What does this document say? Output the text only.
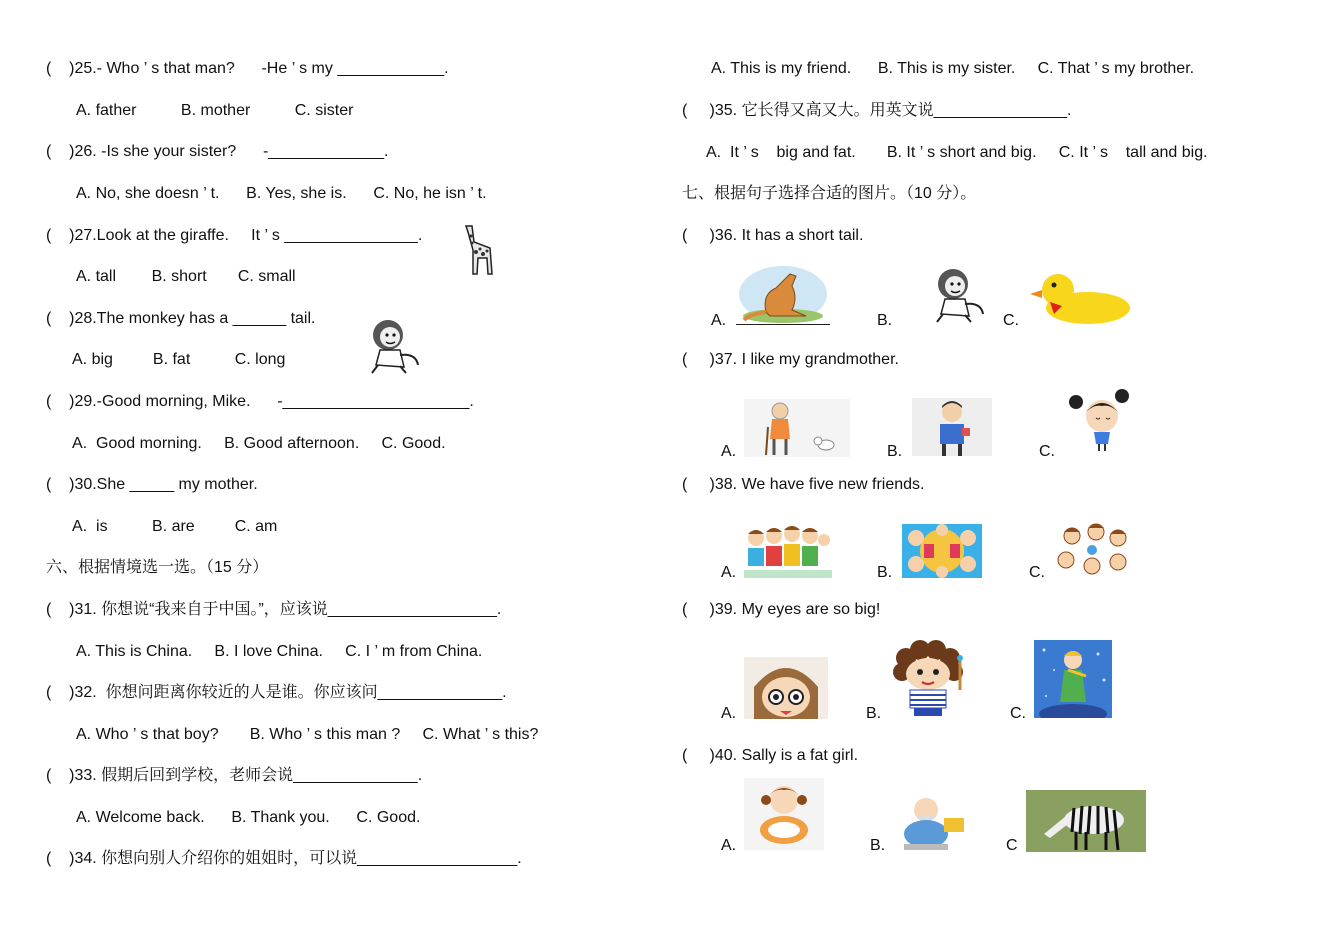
(    )25.- Who ’ s that man?      -He ’ s my ____________.
A. father          B. mother          C. sister
(    )26. -Is she your sister?      -_____________.
A. No, she doesn ’ t.      B. Yes, she is.      C. No, he isn ’ t.
(    )27.Look at the giraffe.     It ’ s _______________.
A. tall        B. short       C. small
(    )28.The monkey has a ______ tail.
A. big         B. fat          C. long
(    )29.-Good morning, Mike.      -_____________________.
A.  Good morning.     B. Good afternoon.     C. Good.
(    )30.She _____ my mother.
A.  is          B. are         C. am
六、根据情境选一选。（15 分）
(    )31. 你想说“我来自于中国。”，应该说___________________.
A. This is China.     B. I love China.     C. I ’ m from China.
(    )32.  你想问距离你较近的人是谁。你应该问______________.
A. Who ’ s that boy?       B. Who ’ s this man ?     C. What ’ s this?
(    )33. 假期后回到学校，老师会说______________.
A. Welcome back.      B. Thank you.      C. Good.
(    )34. 你想向别人介绍你的姐姐时，可以说__________________.
A. This is my friend.      B. This is my sister.     C. That ’ s my brother.
(     )35. 它长得又高又大。用英文说_______________.
A.  It ’ s    big and fat.       B. It ’ s short and big.     C. It ’ s    tall and big.
七、根据句子选择合适的图片。（10 分）。
(     )36. It has a short tail.
A.	B.	C.
(     )37. I like my grandmother.
A.	B.	C.
(     )38. We have five new friends.
A.	B.	C.
(     )39. My eyes are so big!
A.	B.	C.
(     )40. Sally is a fat girl.
A.	B.	C
